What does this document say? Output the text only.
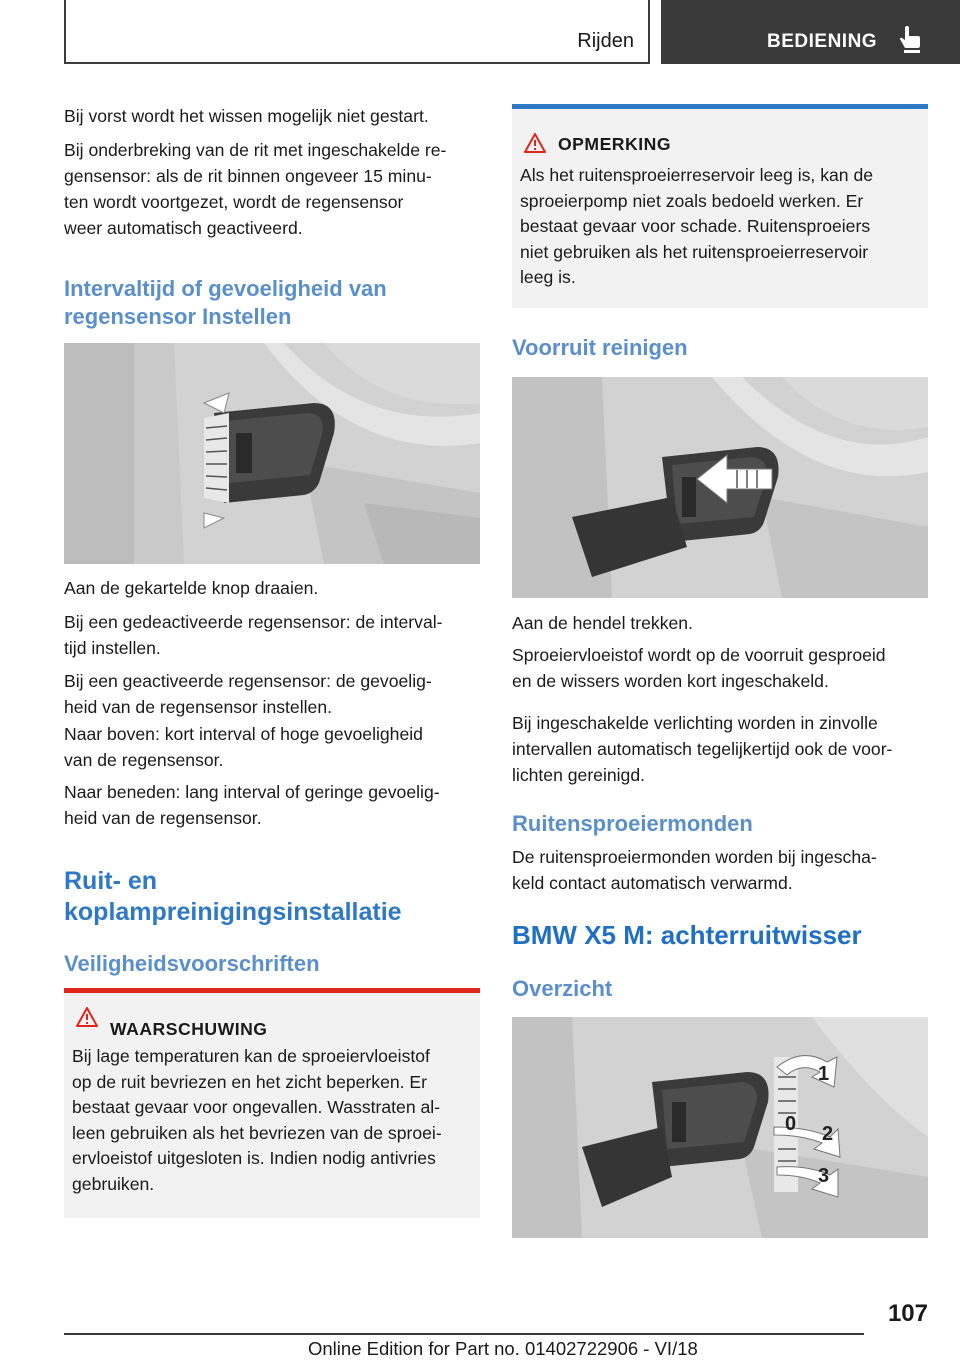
Rijden	BEDIENING
Bij vorst wordt het wissen mogelijk niet gestart.
Bij onderbreking van de rit met ingeschakelde re-
gensensor: als de rit binnen ongeveer 15 minu-
ten wordt voortgezet, wordt de regensensor
weer automatisch geactiveerd.
Intervaltijd of gevoeligheid van
regensensor Instellen
Aan de gekartelde knop draaien.
Bij een gedeactiveerde regensensor: de interval-
tijd instellen.
Bij een geactiveerde regensensor: de gevoelig-
heid van de regensensor instellen.
Naar boven: kort interval of hoge gevoeligheid
van de regensensor.
Naar beneden: lang interval of geringe gevoelig-
heid van de regensensor.
Ruit- en
koplampreinigingsinstallatie
Veiligheidsvoorschriften
WAARSCHUWING
Bij lage temperaturen kan de sproeiervloeistof
op de ruit bevriezen en het zicht beperken. Er
bestaat gevaar voor ongevallen. Wasstraten al-
leen gebruiken als het bevriezen van de sproei-
ervloeistof uitgesloten is. Indien nodig antivries
gebruiken.
OPMERKING
Als het ruitensproeierreservoir leeg is, kan de
sproeierpomp niet zoals bedoeld werken. Er
bestaat gevaar voor schade. Ruitensproeiers
niet gebruiken als het ruitensproeierreservoir
leeg is.
Voorruit reinigen
Aan de hendel trekken.
Sproeiervloeistof wordt op de voorruit gesproeid
en de wissers worden kort ingeschakeld.
Bij ingeschakelde verlichting worden in zinvolle
intervallen automatisch tegelijkertijd ook de voor-
lichten gereinigd.
Ruitensproeiermonden
De ruitensproeiermonden worden bij ingescha-
keld contact automatisch verwarmd.
BMW X5 M: achterruitwisser
Overzicht
1
0 2
3
107
Online Edition for Part no. 01402722906 - VI/18
